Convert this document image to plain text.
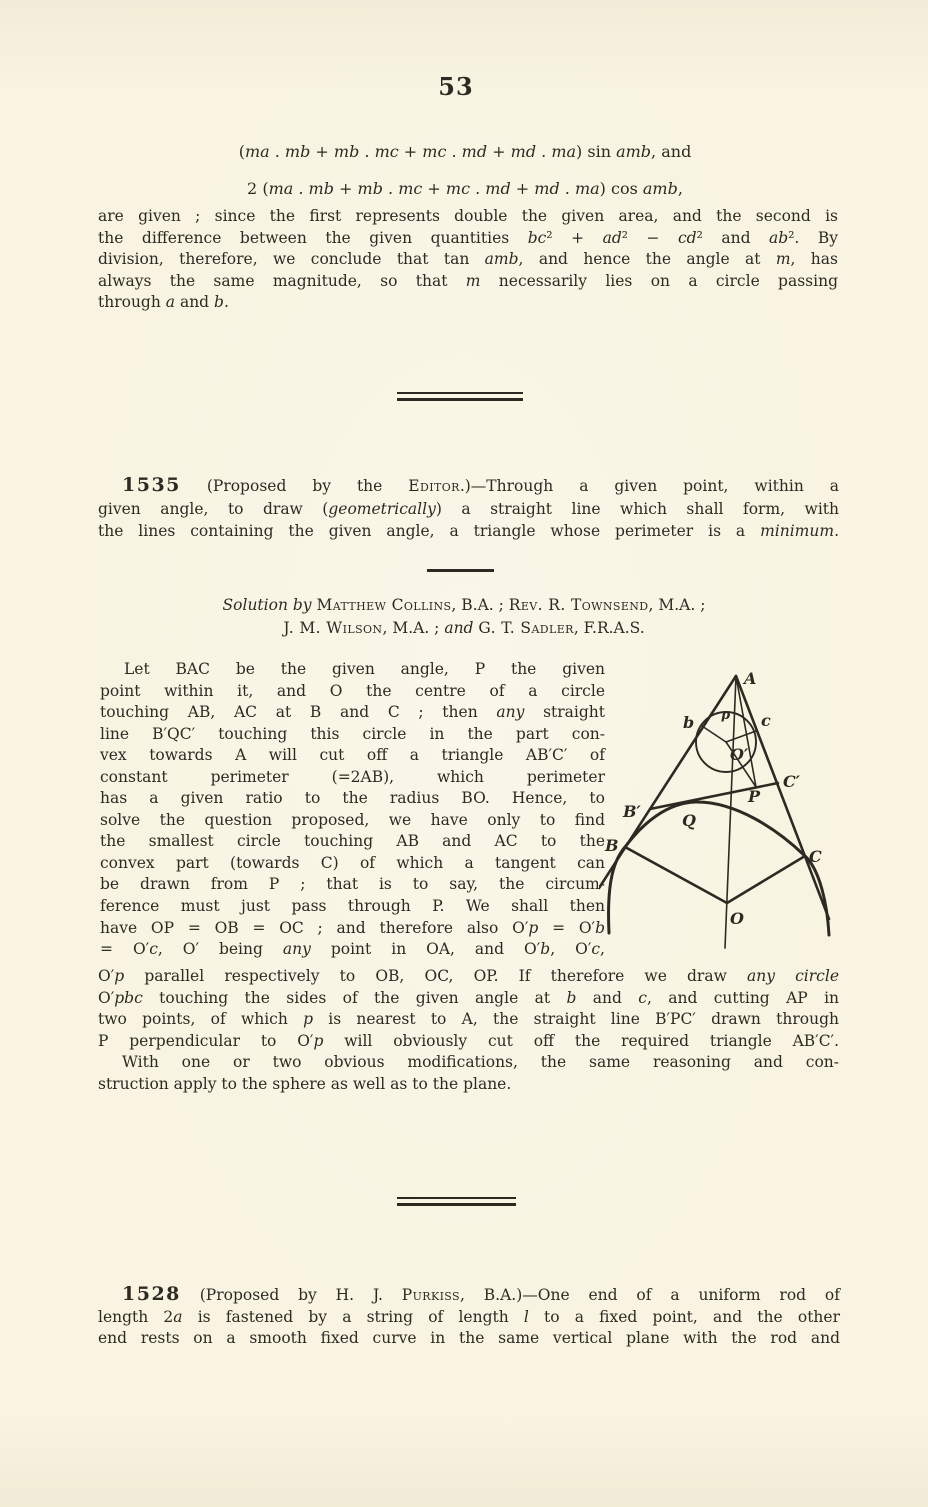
53
(ma . mb + mb . mc + mc . md + md . ma) sin amb, and
2 (ma . mb + mb . mc + mc . md + md . ma) cos amb,
are given ; since the first represents double the given area, and the second is
the difference between the given quantities bc² + ad² − cd² and ab². By
division, therefore, we conclude that tan amb, and hence the angle at m, has
always the same magnitude, so that m necessarily lies on a circle passing
through a and b.
1535 (Proposed by the Editor.)—Through a given point, within a
given angle, to draw (geometrically) a straight line which shall form, with
the lines containing the given angle, a triangle whose perimeter is a minimum.
Solution by Matthew Collins, B.A. ; Rev. R. Townsend, M.A. ;
J. M. Wilson, M.A. ; and G. T. Sadler, F.R.A.S.
Let BAC be the given angle, P the given
point within it, and O the centre of a circle
touching AB, AC at B and C ; then any straight
line B′QC′ touching this circle in the part con-
vex towards A will cut off a triangle AB′C′ of
constant perimeter (=2AB), which perimeter
has a given ratio to the radius BO. Hence, to
solve the question proposed, we have only to find
the smallest circle touching AB and AC to the
convex part (towards C) of which a tangent can
be drawn from P ; that is to say, the circum-
ference must just pass through P. We shall then
have OP = OB = OC ; and therefore also O′p = O′b
= O′c, O′ being any point in OA, and O′b, O′c,
A
b	c
p
O′
C′
P
B′	Q
B
C
O
O′p parallel respectively to OB, OC, OP. If therefore we draw any circle
O′pbc touching the sides of the given angle at b and c, and cutting AP in
two points, of which p is nearest to A, the straight line B′PC′ drawn through
P perpendicular to O′p will obviously cut off the required triangle AB′C′.
With one or two obvious modifications, the same reasoning and con-
struction apply to the sphere as well as to the plane.
1528 (Proposed by H. J. Purkiss, B.A.)—One end of a uniform rod of
length 2a is fastened by a string of length l to a fixed point, and the other
end rests on a smooth fixed curve in the same vertical plane with the rod and
